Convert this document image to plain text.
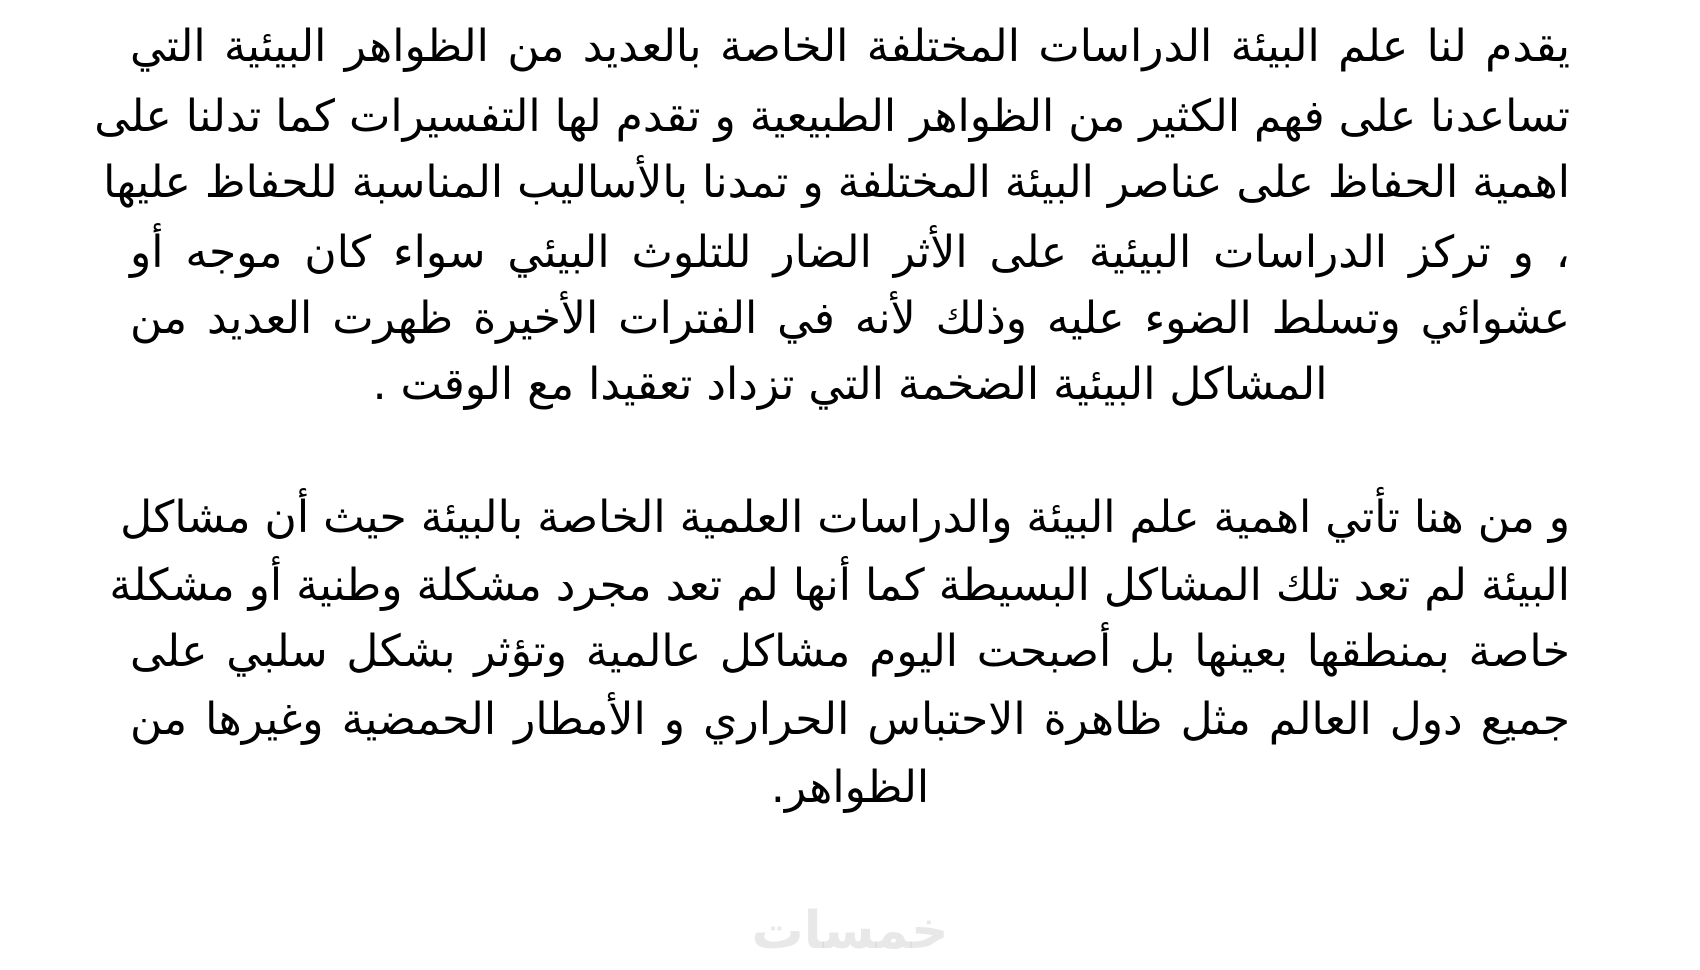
يقدم لنا علم البيئة الدراسات المختلفة الخاصة بالعديد من الظواهر البيئية التي
تساعدنا على فهم الكثير من الظواهر الطبيعية و تقدم لها التفسيرات كما تدلنا على
اهمية الحفاظ على عناصر البيئة المختلفة و تمدنا بالأساليب المناسبة للحفاظ عليها
، و تركز الدراسات البيئية على الأثر الضار للتلوث البيئي سواء كان موجه أو
عشوائي وتسلط الضوء عليه وذلك لأنه في الفترات الأخيرة ظهرت العديد من
المشاكل البيئية الضخمة التي تزداد تعقيدا مع الوقت .
و من هنا تأتي اهمية علم البيئة والدراسات العلمية الخاصة بالبيئة حيث أن مشاكل
البيئة لم تعد تلك المشاكل البسيطة كما أنها لم تعد مجرد مشكلة وطنية أو مشكلة
خاصة بمنطقها بعينها بل أصبحت اليوم مشاكل عالمية وتؤثر بشكل سلبي على
جميع دول العالم مثل ظاهرة الاحتباس الحراري و الأمطار الحمضية وغيرها من
الظواهر.
خمسات
